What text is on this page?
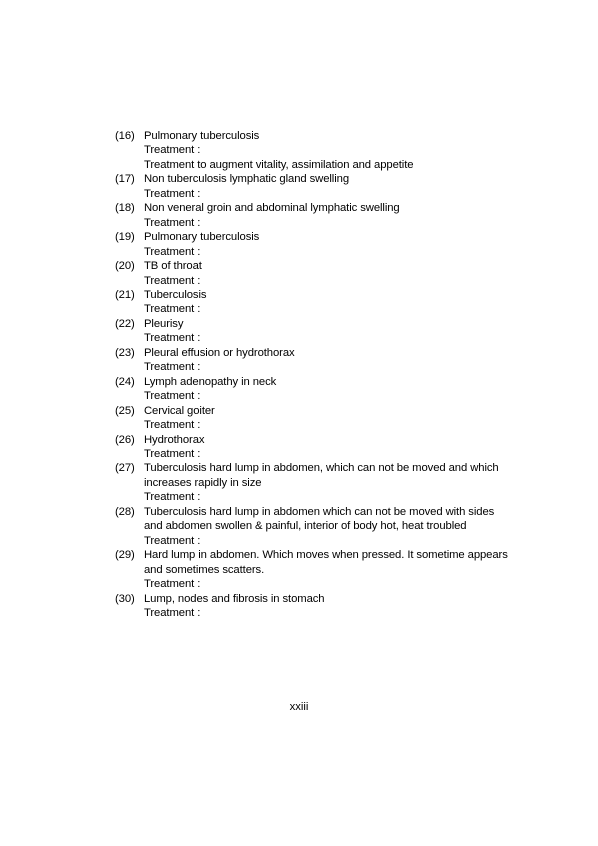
(16) Pulmonary tuberculosis
Treatment :
Treatment to augment vitality, assimilation and appetite
(17) Non tuberculosis lymphatic gland swelling
Treatment :
(18) Non veneral groin and abdominal lymphatic swelling
Treatment :
(19) Pulmonary tuberculosis
Treatment :
(20) TB of throat
Treatment :
(21) Tuberculosis
Treatment :
(22) Pleurisy
Treatment :
(23) Pleural effusion or hydrothorax
Treatment :
(24) Lymph adenopathy in neck
Treatment :
(25) Cervical goiter
Treatment :
(26) Hydrothorax
Treatment :
(27) Tuberculosis hard lump in abdomen, which can not be moved and which
increases rapidly in size
Treatment :
(28) Tuberculosis hard lump in abdomen which can not be moved with sides
and abdomen swollen & painful, interior of body hot, heat troubled
Treatment :
(29) Hard lump in abdomen. Which moves when pressed. It sometime appears
and sometimes scatters.
Treatment :
(30) Lump, nodes and fibrosis in stomach
Treatment :
xxiii
